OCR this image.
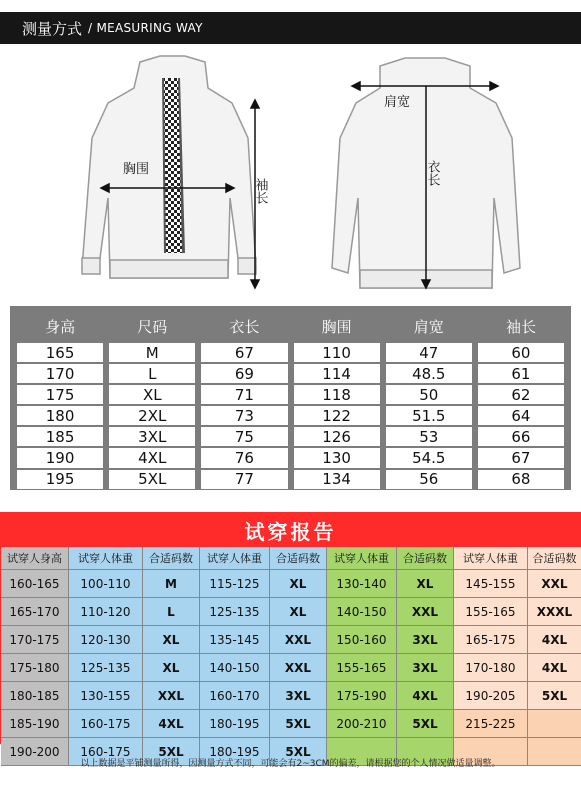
测量方式 / MEASURING WAY
胸围
袖长
肩宽
衣长
身高	尺码	衣长	胸围	肩宽	袖长
165	M	67	110	47	60
170	L	69	114	48.5	61
175	XL	71	118	50	62
180	2XL	73	122	51.5	64
185	3XL	75	126	53	66
190	4XL	76	130	54.5	67
195	5XL	77	134	56	68
试穿报告
试穿人身高	试穿人体重	合适码数	试穿人体重	合适码数	试穿人体重	合适码数	试穿人体重	合适码数
160-165	100-110	M	115-125	XL	130-140	XL	145-155	XXL
165-170	110-120	L	125-135	XL	140-150	XXL	155-165	XXXL
170-175	120-130	XL	135-145	XXL	150-160	3XL	165-175	4XL
175-180	125-135	XL	140-150	XXL	155-165	3XL	170-180	4XL
180-185	130-155	XXL	160-170	3XL	175-190	4XL	190-205	5XL
185-190	160-175	4XL	180-195	5XL	200-210	5XL	215-225
190-200	160-175	5XL	180-195	5XL
以上数据是平铺测量所得，因测量方式不同，可能会有2~3CM的偏差，请根据您的个人情况做适量调整。
